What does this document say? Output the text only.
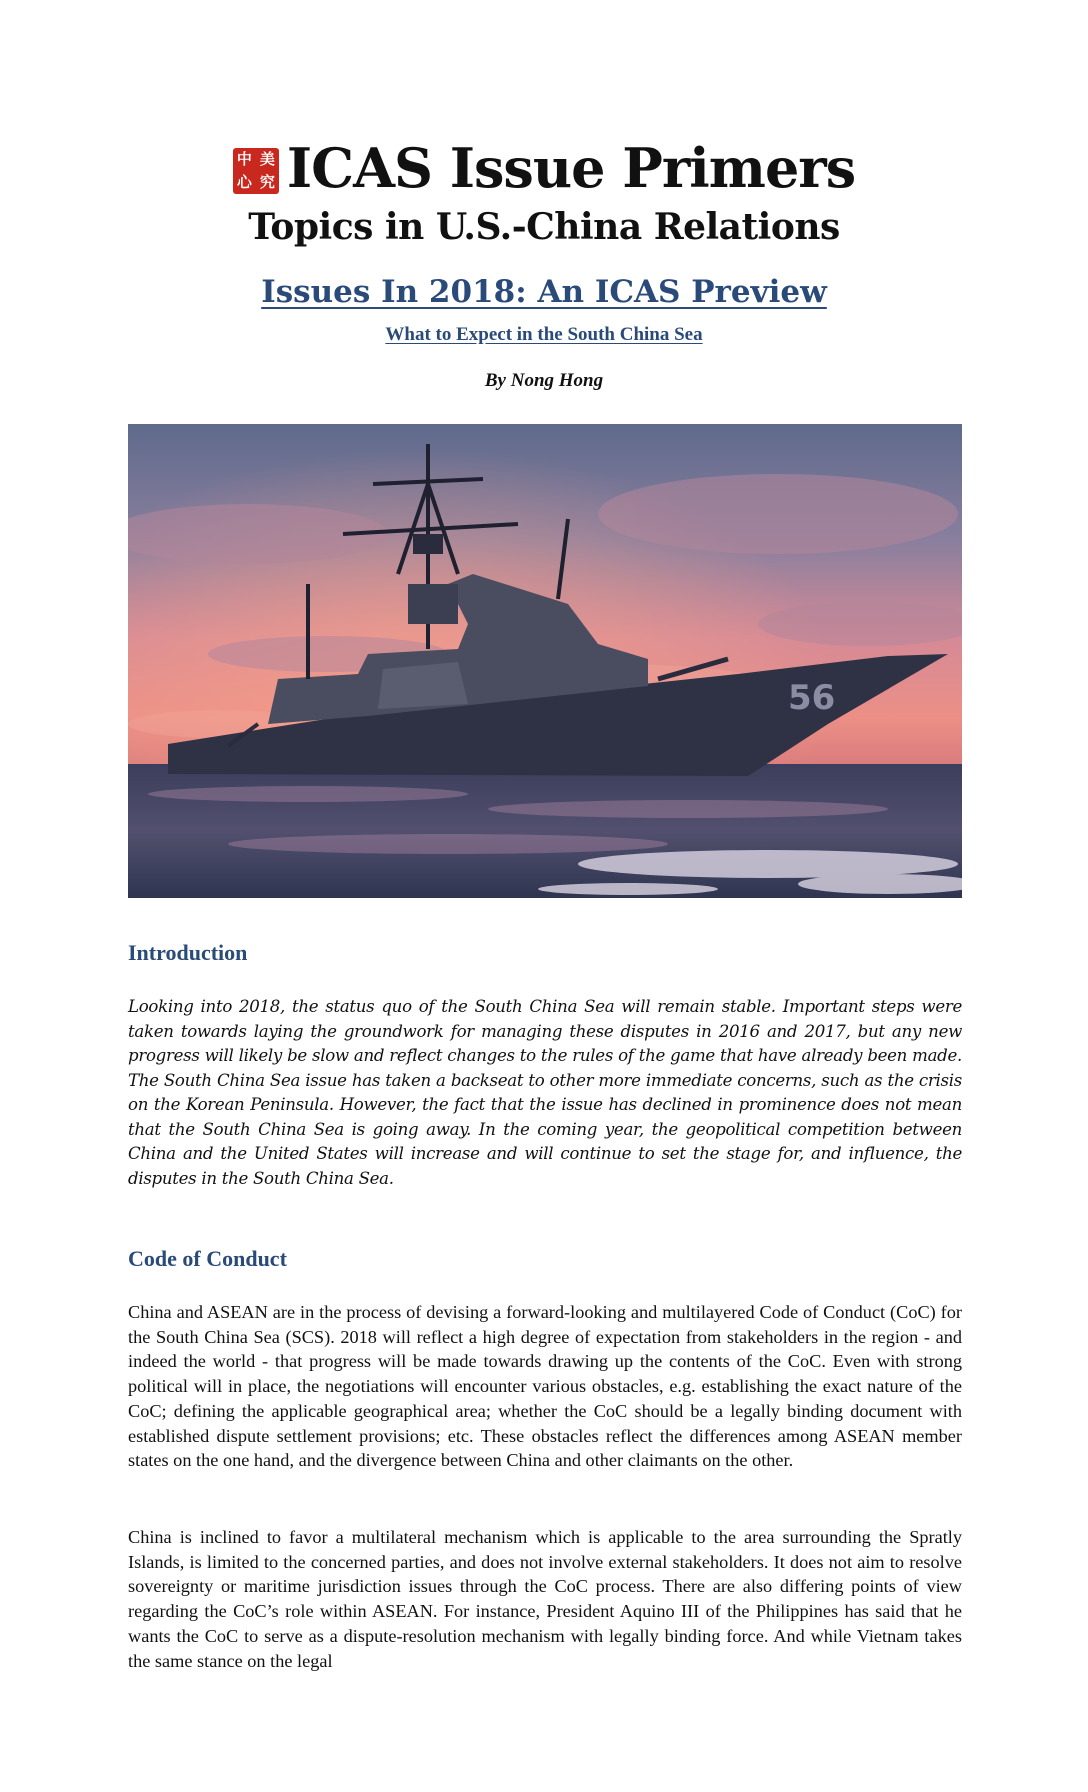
中 美
心 究 ICAS Issue Primers
Topics in U.S.-China Relations
Issues In 2018: An ICAS Preview
What to Expect in the South China Sea
By Nong Hong
56
Introduction

Looking into 2018, the status quo of the South China Sea will remain stable. Important steps were taken towards laying the groundwork for managing these disputes in 2016 and 2017, but any new progress will likely be slow and reflect changes to the rules of the game that have already been made. The South China Sea issue has taken a backseat to other more immediate concerns, such as the crisis on the Korean Peninsula. However, the fact that the issue has declined in prominence does not mean that the South China Sea is going away. In the coming year, the geopolitical competition between China and the United States will increase and will continue to set the stage for, and influence, the disputes in the South China Sea.

Code of Conduct

China and ASEAN are in the process of devising a forward-looking and multilayered Code of Conduct (CoC) for the South China Sea (SCS). 2018 will reflect a high degree of expectation from stakeholders in the region - and indeed the world - that progress will be made towards drawing up the contents of the CoC. Even with strong political will in place, the negotiations will encounter various obstacles, e.g. establishing the exact nature of the CoC; defining the applicable geographical area; whether the CoC should be a legally binding document with established dispute settlement provisions; etc. These obstacles reflect the differences among ASEAN member states on the one hand, and the divergence between China and other claimants on the other.

China is inclined to favor a multilateral mechanism which is applicable to the area surrounding the Spratly Islands, is limited to the concerned parties, and does not involve external stakeholders. It does not aim to resolve sovereignty or maritime jurisdiction issues through the CoC process. There are also differing points of view regarding the CoC’s role within ASEAN. For instance, President Aquino III of the Philippines has said that he wants the CoC to serve as a dispute-resolution mechanism with legally binding force. And while Vietnam takes the same stance on the legal
